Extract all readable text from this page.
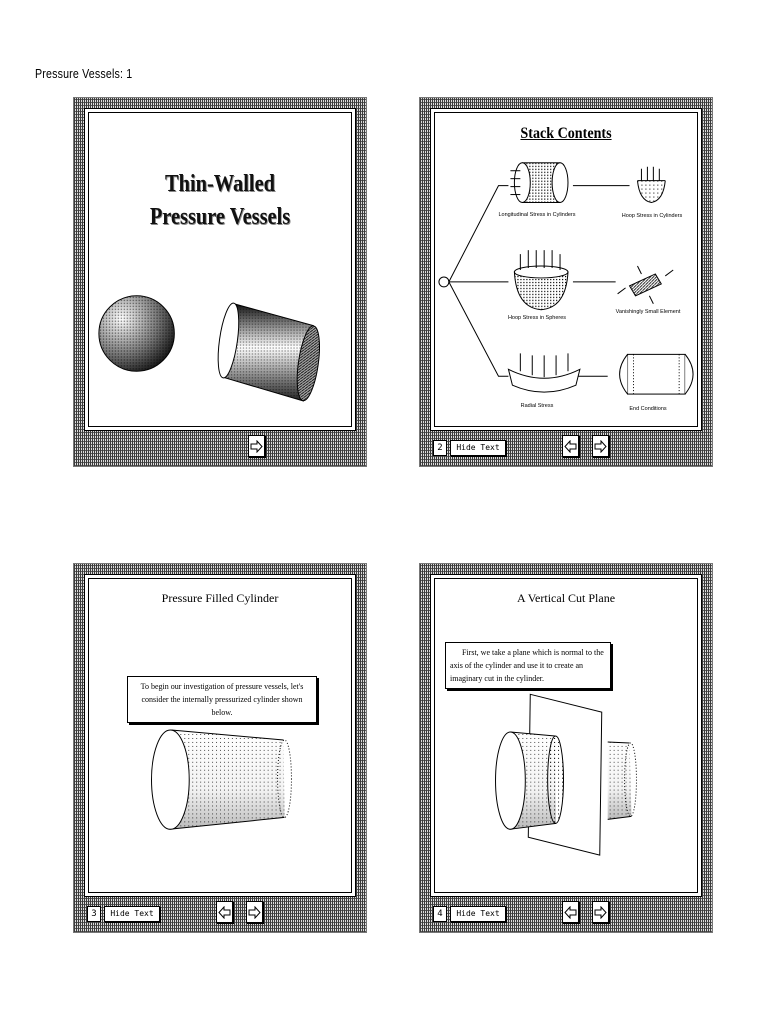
Pressure Vessels: 1
Thin-Walled
Pressure Vessels
Stack Contents
Longitudinal Stress in Cylinders	Hoop Stress in Cylinders
Hoop Stress in Spheres
Vanishingly Small Element
Radial Stress	End Conditions
2	Hide Text
Pressure Filled Cylinder
To begin our investigation of pressure vessels, let's consider the internally pressurized cylinder shown below.
3	Hide Text
A Vertical Cut Plane
First, we take a plane which is normal to the axis of the cylinder and use it to create an imaginary cut in the cylinder.
4	Hide Text
